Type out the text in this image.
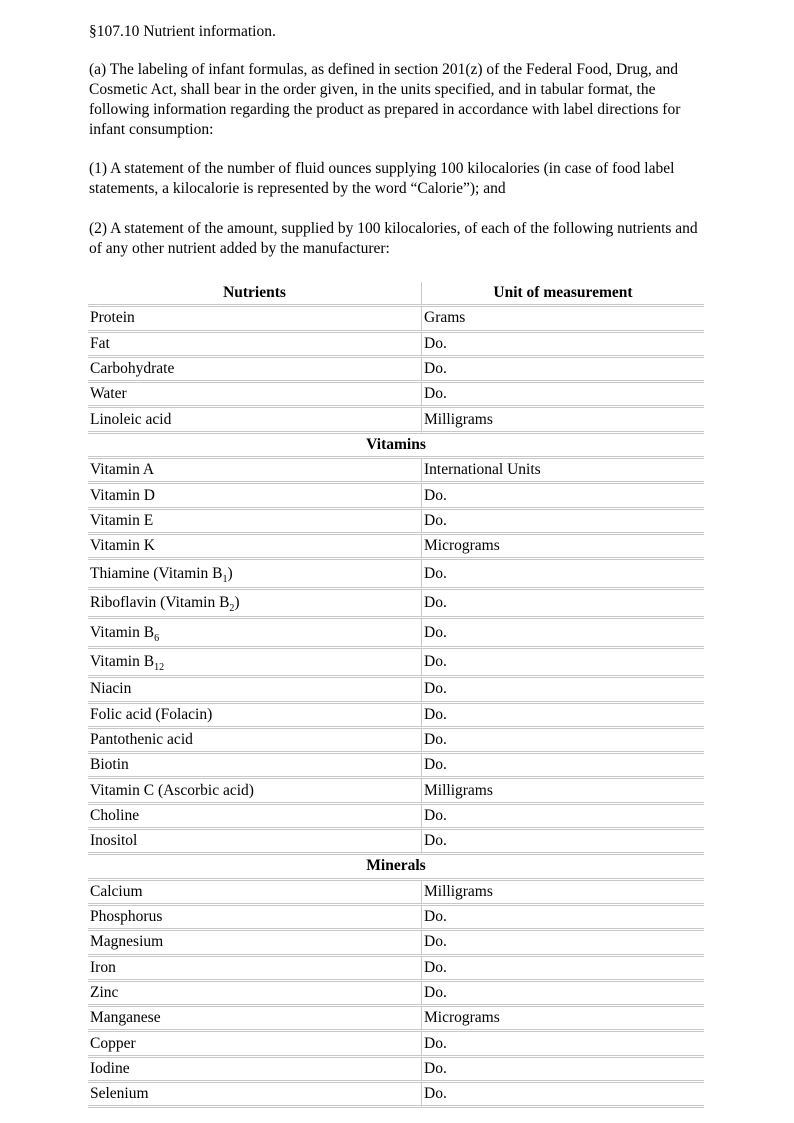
§107.10 Nutrient information.

(a) The labeling of infant formulas, as defined in section 201(z) of the Federal Food, Drug, and Cosmetic Act, shall bear in the order given, in the units specified, and in tabular format, the following information regarding the product as prepared in accordance with label directions for infant consumption:

(1) A statement of the number of fluid ounces supplying 100 kilocalories (in case of food label statements, a kilocalorie is represented by the word “Calorie”); and

(2) A statement of the amount, supplied by 100 kilocalories, of each of the following nutrients and of any other nutrient added by the manufacturer:

Nutrients	Unit of measurement
Protein	Grams
Fat	Do.
Carbohydrate	Do.
Water	Do.
Linoleic acid	Milligrams
Vitamins	
Vitamin A	International Units
Vitamin D	Do.
Vitamin E	Do.
Vitamin K	Micrograms
Thiamine (Vitamin $B_1$)	Do.
Riboflavin (Vitamin $B_2$)	Do.
Vitamin $B_6$	Do.
Vitamin $B_{12}$	Do.
Niacin	Do.
Folic acid (Folacin)	Do.
Pantothenic acid	Do.
Biotin	Do.
Vitamin C (Ascorbic acid)	Milligrams
Choline	Do.
Inositol	Do.
Minerals	
Calcium	Milligrams
Phosphorus	Do.
Magnesium	Do.
Iron	Do.
Zinc	Do.
Manganese	Micrograms
Copper	Do.
Iodine	Do.
Selenium	Do.
